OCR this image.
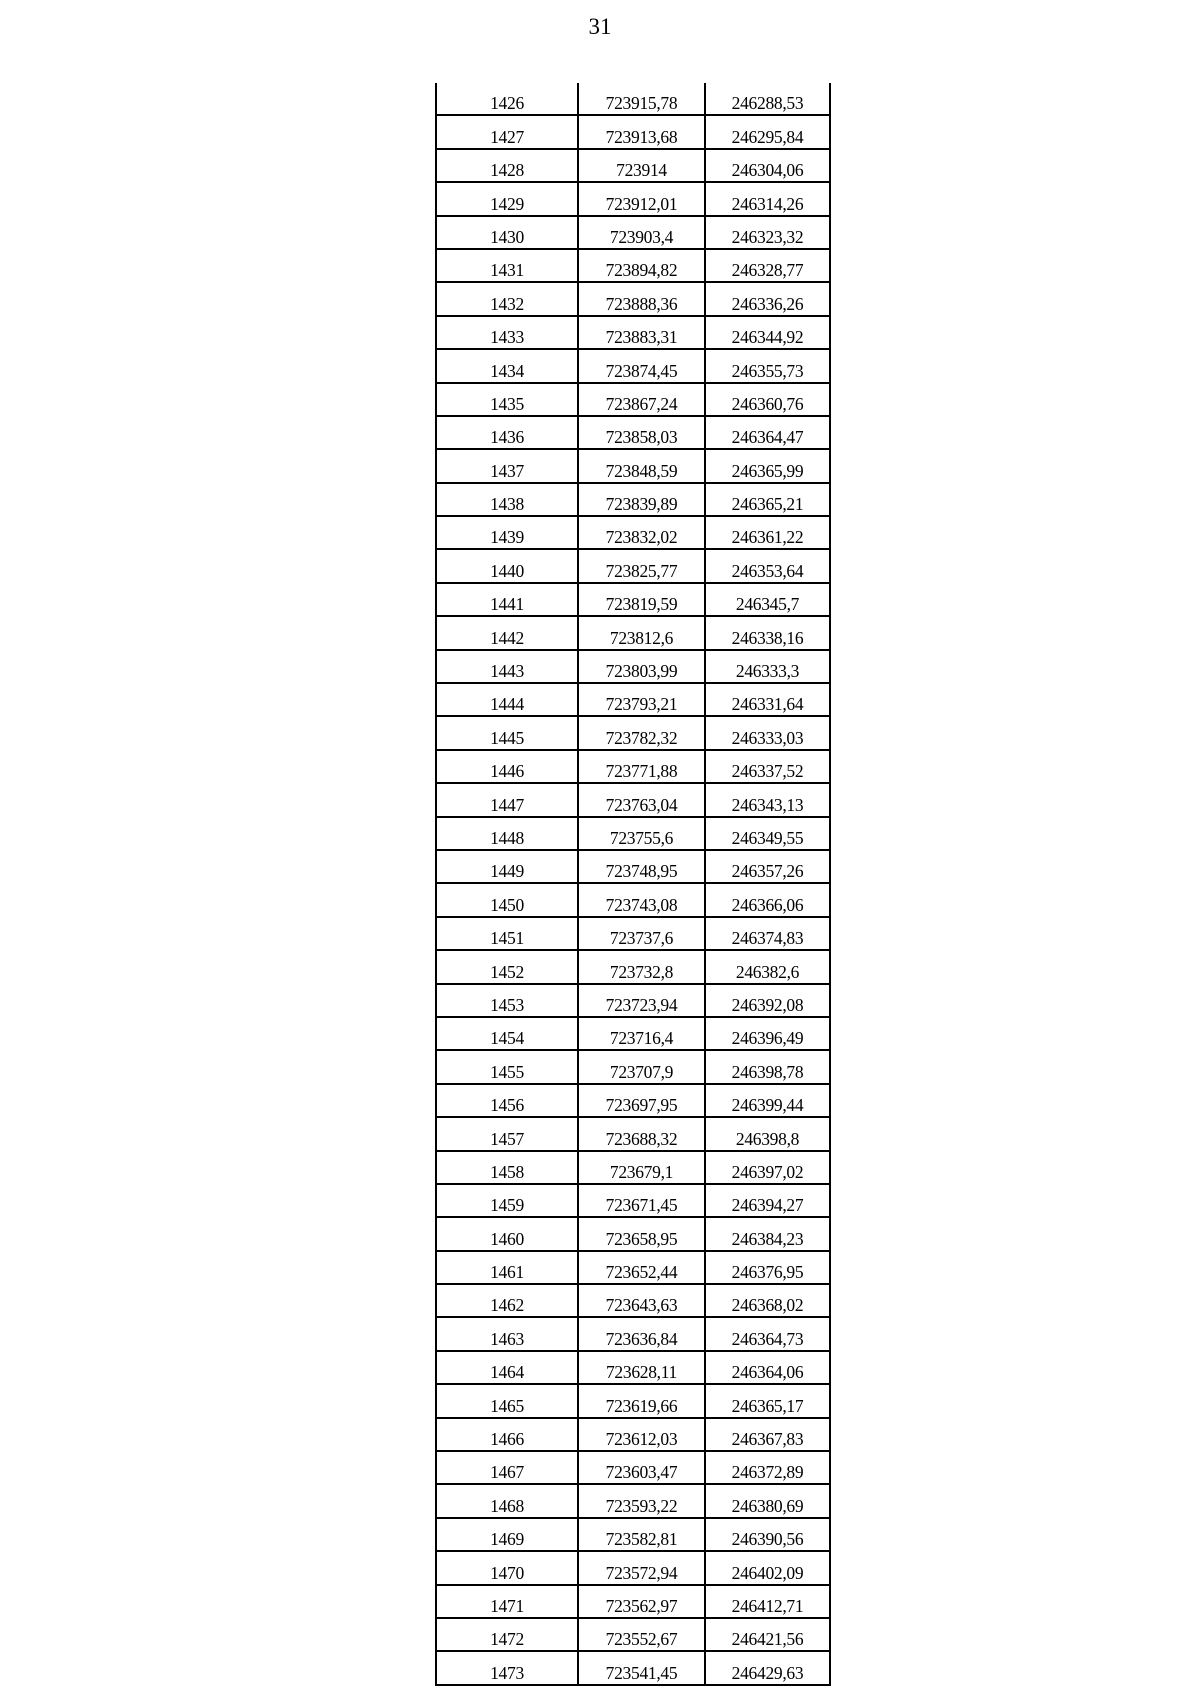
31
1426	723915,78	246288,53
1427	723913,68	246295,84
1428	723914	246304,06
1429	723912,01	246314,26
1430	723903,4	246323,32
1431	723894,82	246328,77
1432	723888,36	246336,26
1433	723883,31	246344,92
1434	723874,45	246355,73
1435	723867,24	246360,76
1436	723858,03	246364,47
1437	723848,59	246365,99
1438	723839,89	246365,21
1439	723832,02	246361,22
1440	723825,77	246353,64
1441	723819,59	246345,7
1442	723812,6	246338,16
1443	723803,99	246333,3
1444	723793,21	246331,64
1445	723782,32	246333,03
1446	723771,88	246337,52
1447	723763,04	246343,13
1448	723755,6	246349,55
1449	723748,95	246357,26
1450	723743,08	246366,06
1451	723737,6	246374,83
1452	723732,8	246382,6
1453	723723,94	246392,08
1454	723716,4	246396,49
1455	723707,9	246398,78
1456	723697,95	246399,44
1457	723688,32	246398,8
1458	723679,1	246397,02
1459	723671,45	246394,27
1460	723658,95	246384,23
1461	723652,44	246376,95
1462	723643,63	246368,02
1463	723636,84	246364,73
1464	723628,11	246364,06
1465	723619,66	246365,17
1466	723612,03	246367,83
1467	723603,47	246372,89
1468	723593,22	246380,69
1469	723582,81	246390,56
1470	723572,94	246402,09
1471	723562,97	246412,71
1472	723552,67	246421,56
1473	723541,45	246429,63
